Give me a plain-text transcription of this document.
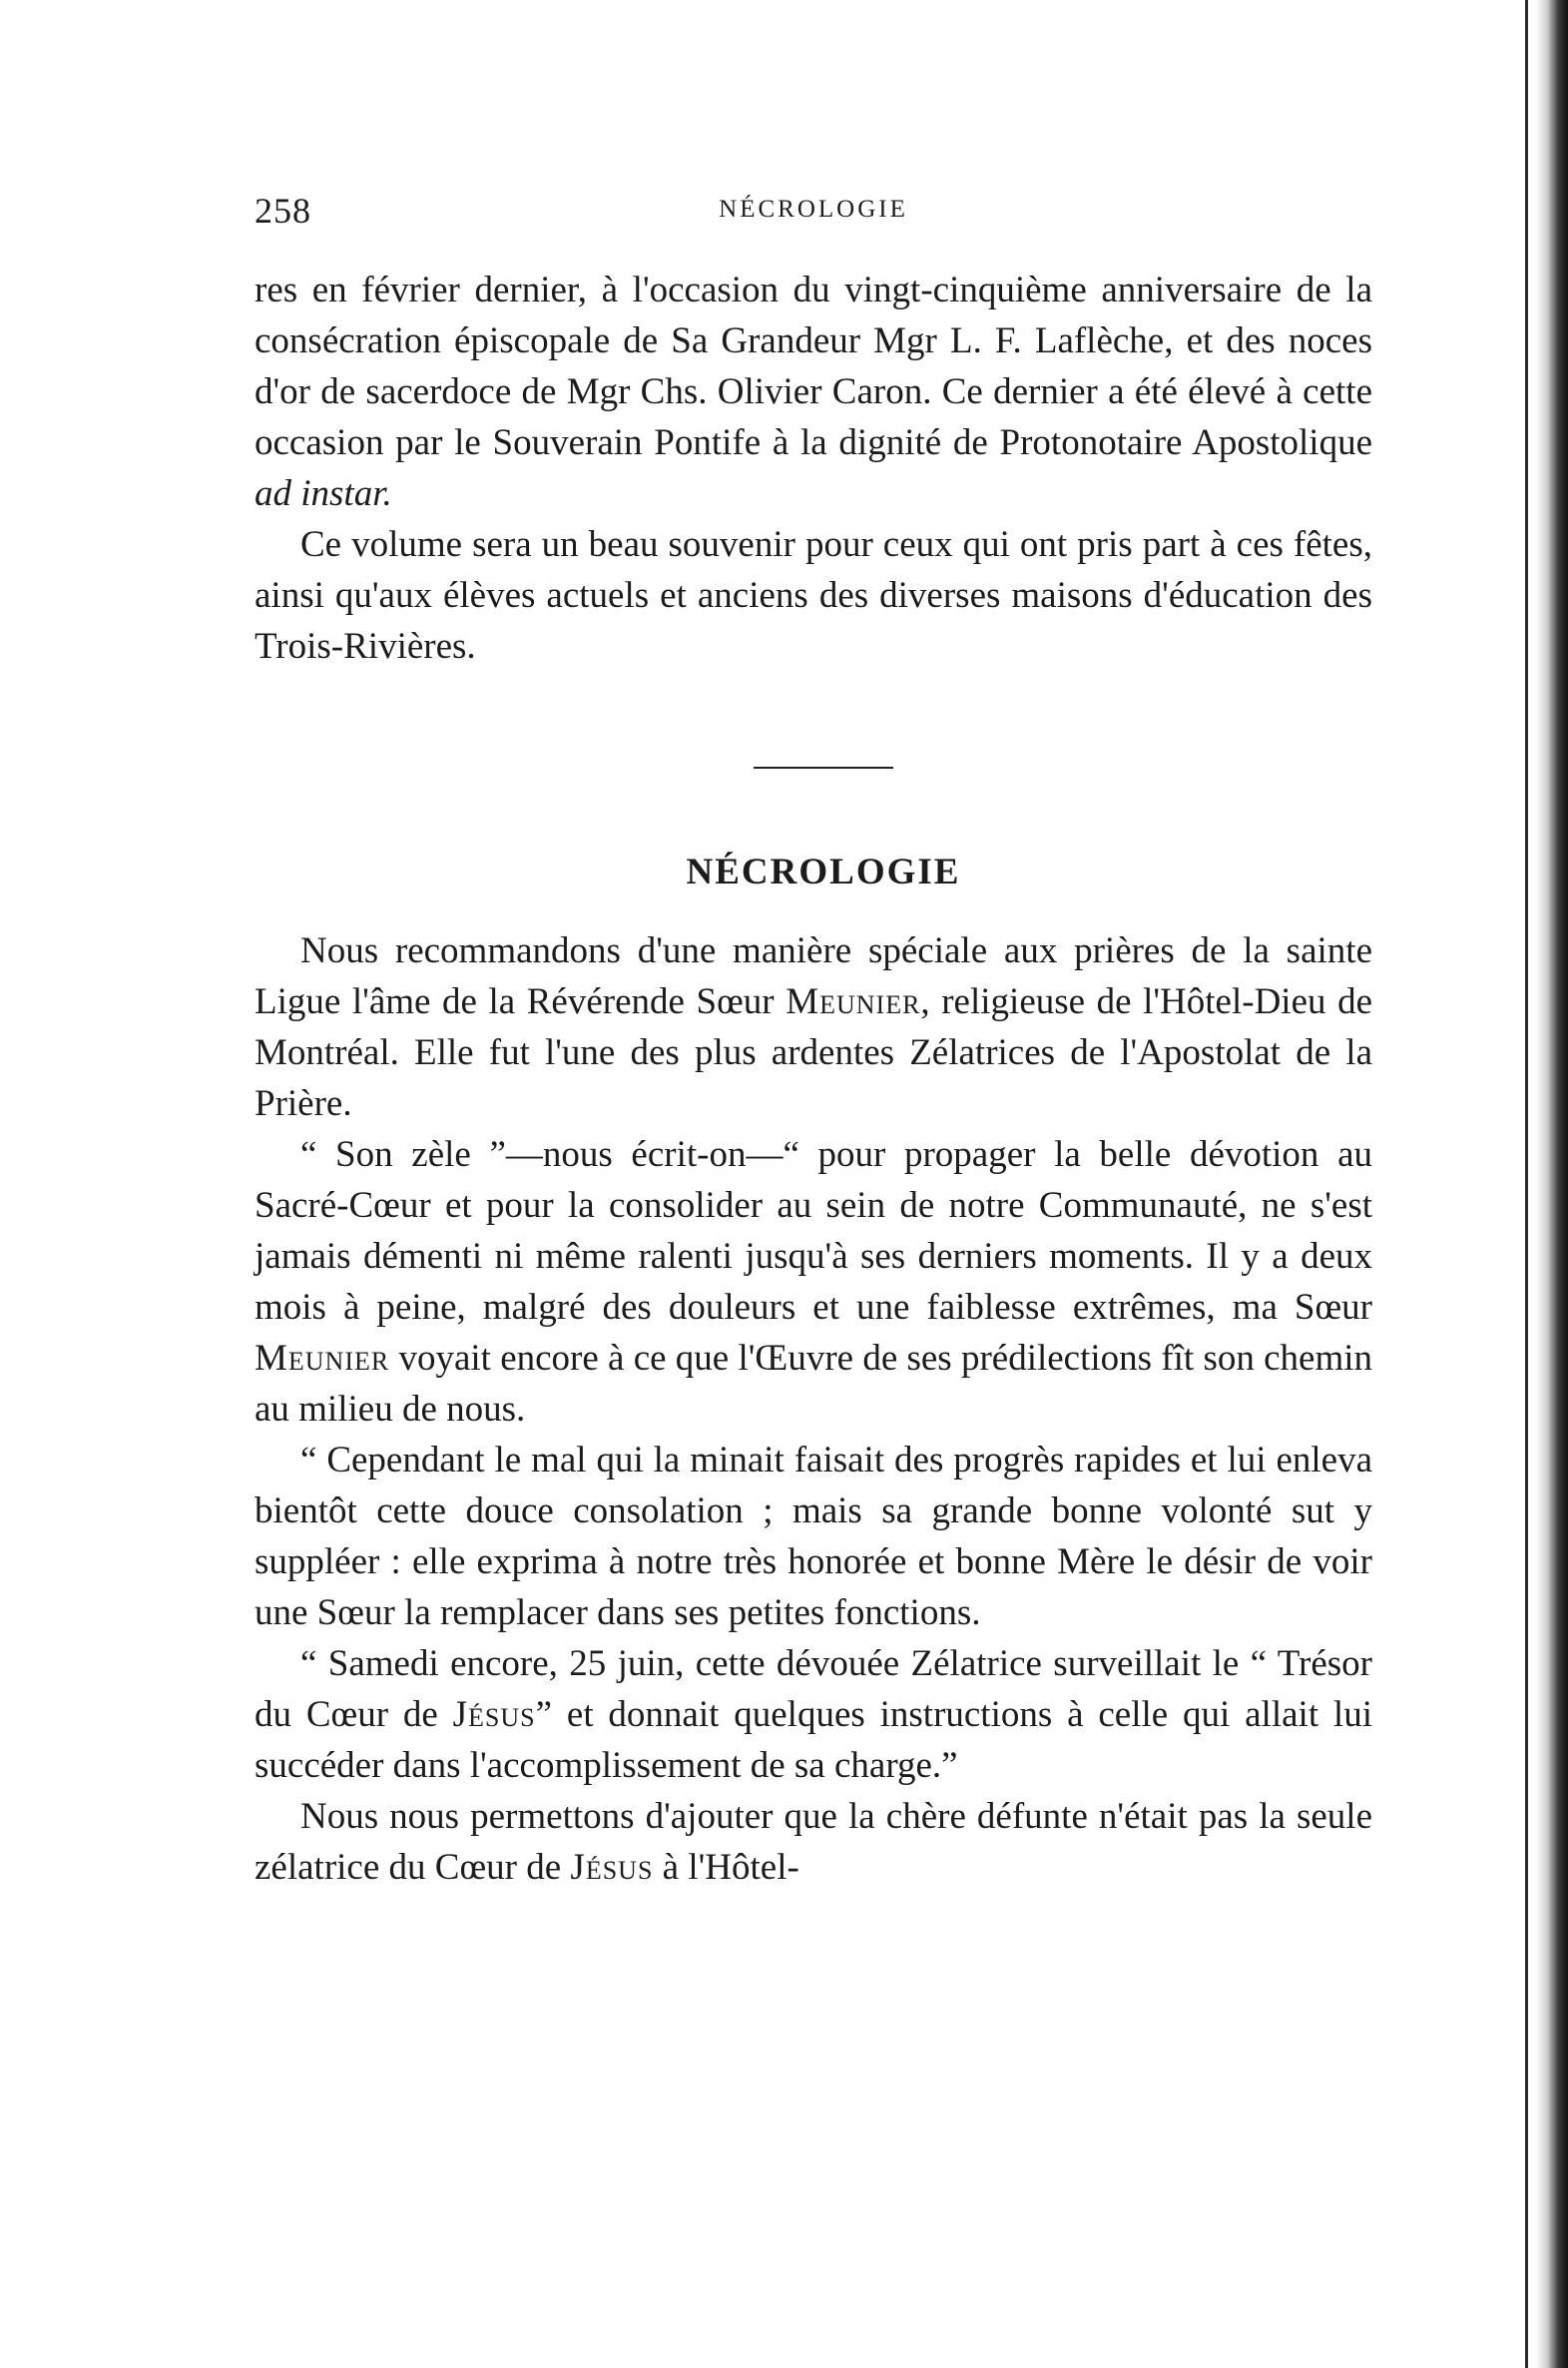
258	NÉCROLOGIE

res en février dernier, à l'occasion du vingt-cinquième anniversaire de la consécration épiscopale de Sa Grandeur Mgr L. F. Laflèche, et des noces d'or de sacerdoce de Mgr Chs. Olivier Caron. Ce dernier a été élevé à cette occasion par le Souverain Pontife à la dignité de Protonotaire Apostolique ad instar.

Ce volume sera un beau souvenir pour ceux qui ont pris part à ces fêtes, ainsi qu'aux élèves actuels et anciens des diverses maisons d'éducation des Trois-Rivières.

NÉCROLOGIE

Nous recommandons d'une manière spéciale aux prières de la sainte Ligue l'âme de la Révérende Sœur Meunier, religieuse de l'Hôtel-Dieu de Montréal. Elle fut l'une des plus ardentes Zélatrices de l'Apostolat de la Prière.

“ Son zèle ”—nous écrit-on—“ pour propager la belle dévotion au Sacré-Cœur et pour la consolider au sein de notre Communauté, ne s'est jamais démenti ni même ralenti jusqu'à ses derniers moments. Il y a deux mois à peine, malgré des douleurs et une faiblesse extrêmes, ma Sœur Meunier voyait encore à ce que l'Œuvre de ses prédilections fît son chemin au milieu de nous.

“ Cependant le mal qui la minait faisait des progrès rapides et lui enleva bientôt cette douce consolation ; mais sa grande bonne volonté sut y suppléer : elle exprima à notre très honorée et bonne Mère le désir de voir une Sœur la remplacer dans ses petites fonctions.

“ Samedi encore, 25 juin, cette dévouée Zélatrice surveillait le “ Trésor du Cœur de Jésus” et donnait quelques instructions à celle qui allait lui succéder dans l'accomplissement de sa charge.”

Nous nous permettons d'ajouter que la chère défunte n'était pas la seule zélatrice du Cœur de Jésus à l'Hôtel-
